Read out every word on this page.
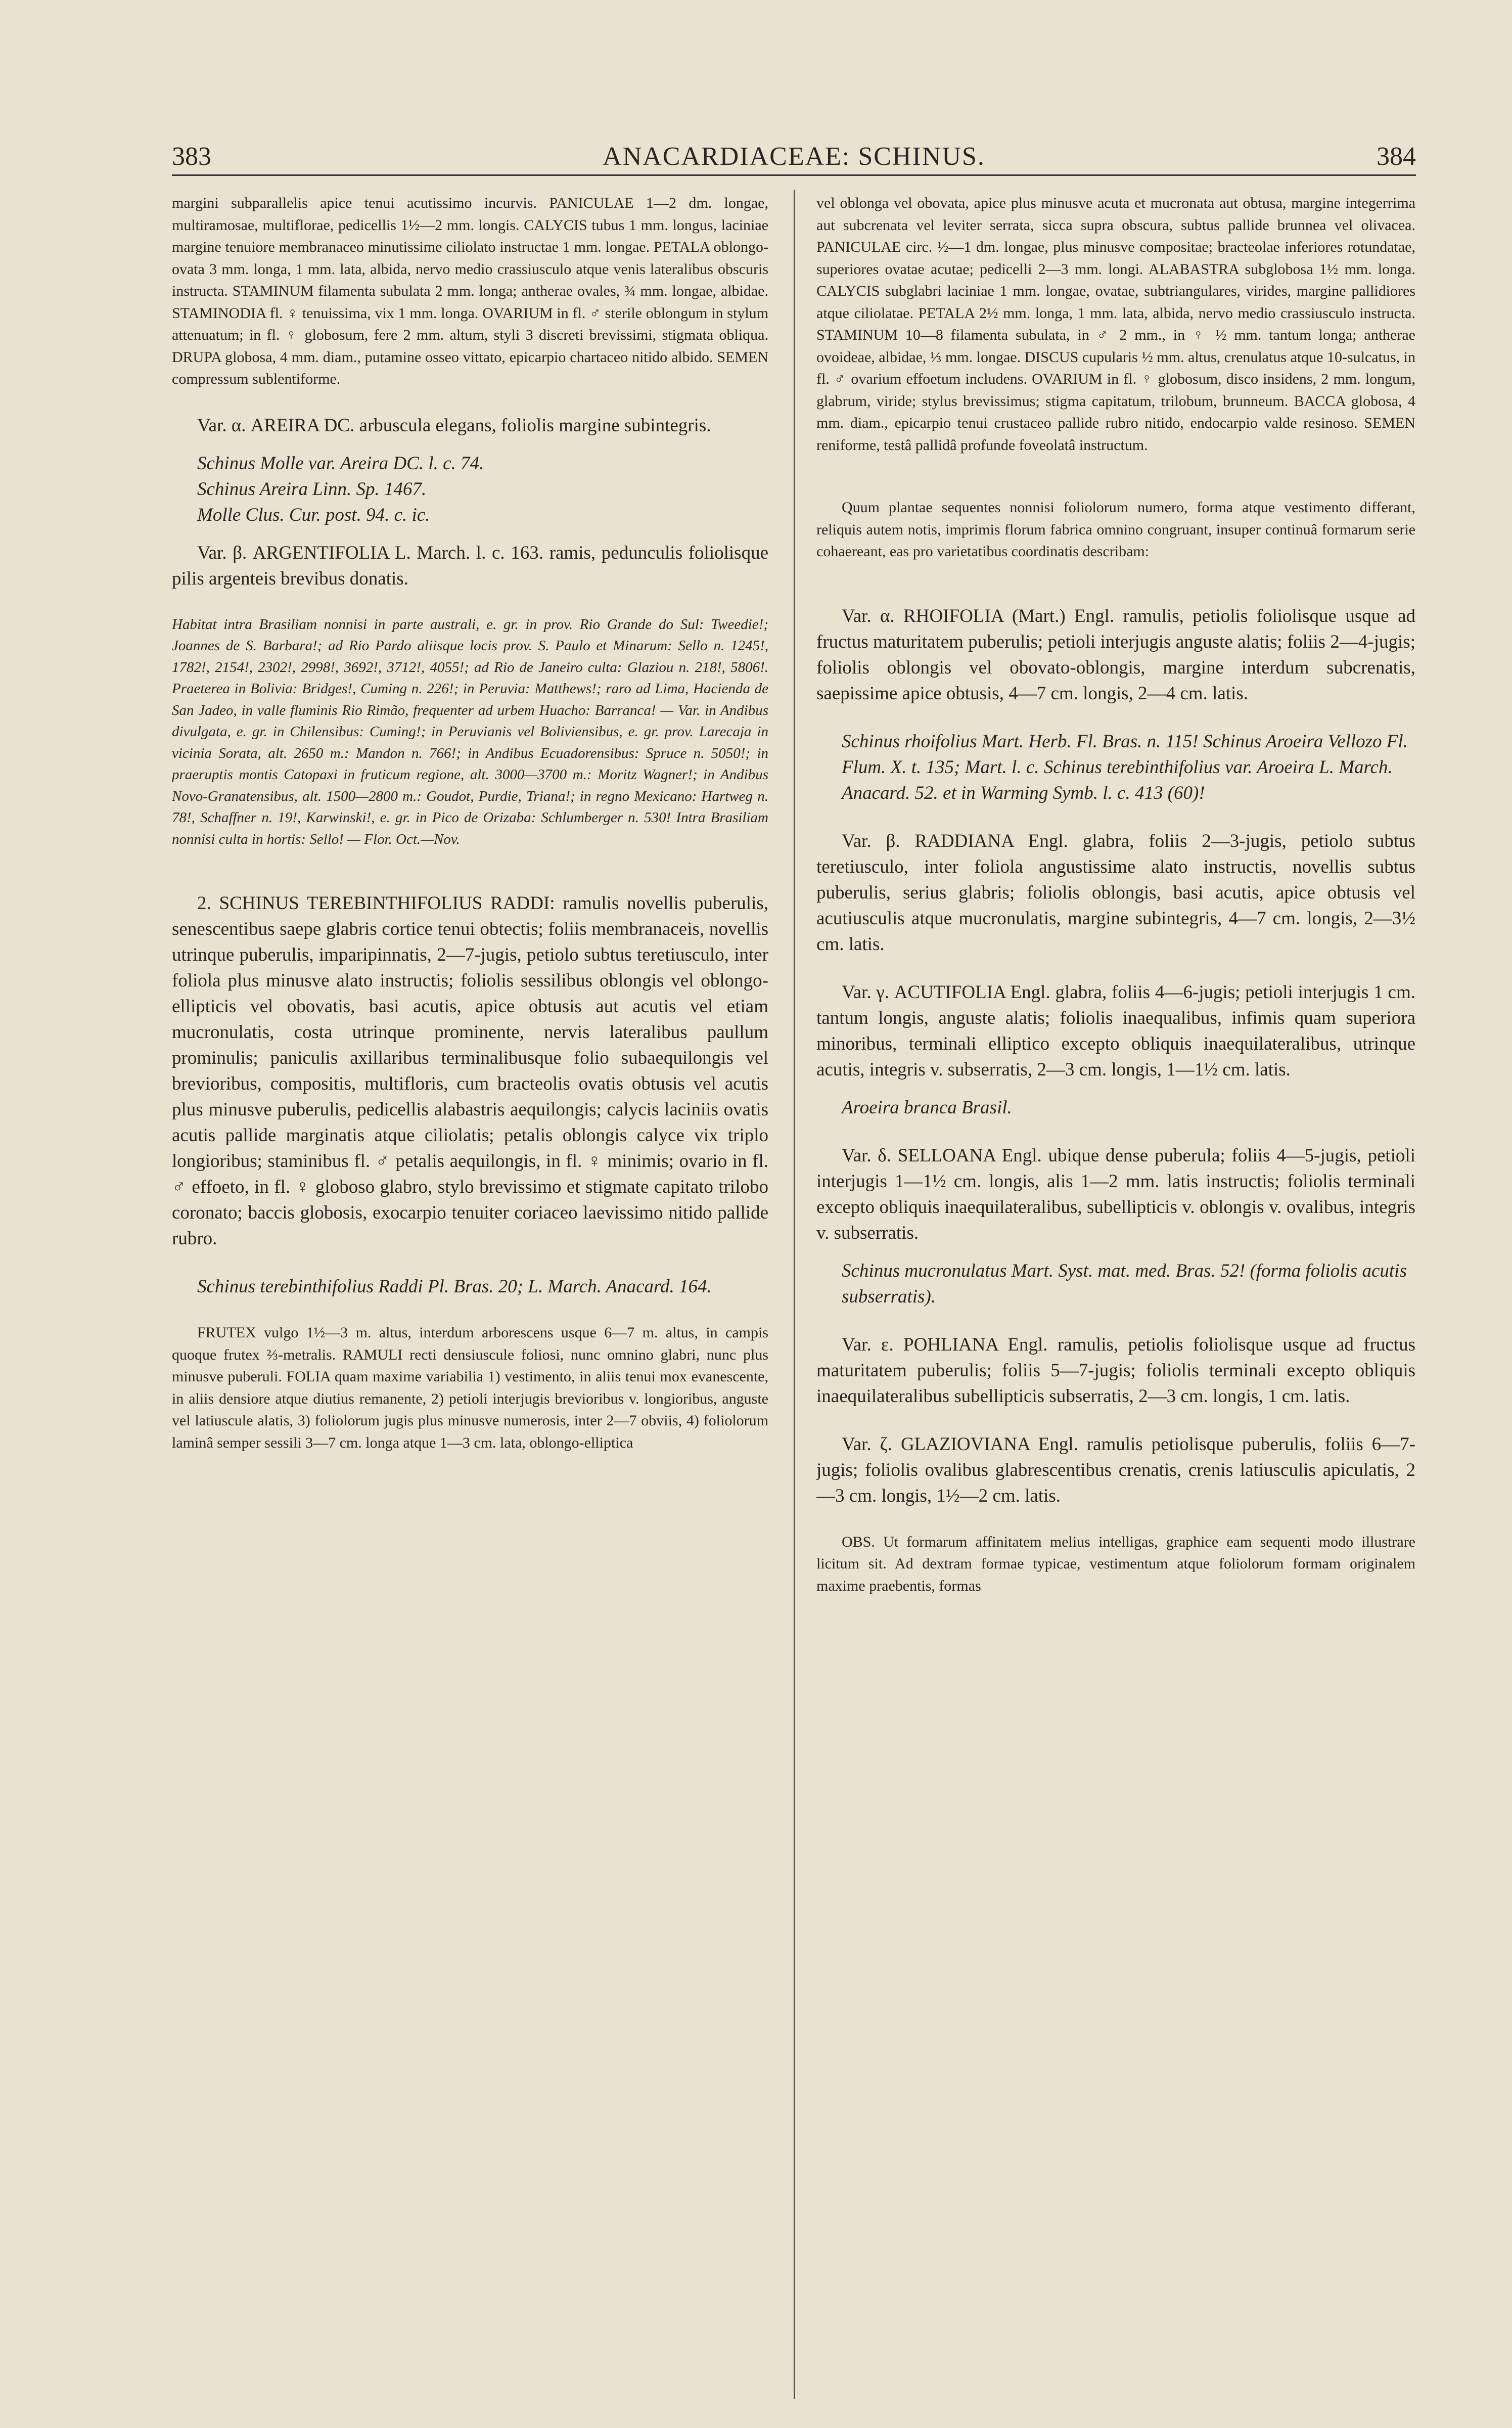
383	ANACARDIACEAE: SCHINUS.	384

margini subparallelis apice tenui acutissimo incurvis. PANICULAE 1—2 dm. longae, multiramosae, multiflorae, pedicellis 1½—2 mm. longis. CALYCIS tubus 1 mm. longus, laciniae margine tenuiore membranaceo minutissime ciliolato instructae 1 mm. longae. PETALA oblongo-ovata 3 mm. longa, 1 mm. lata, albida, nervo medio crassiusculo atque venis lateralibus obscuris instructa. STAMINUM filamenta subulata 2 mm. longa; antherae ovales, ¾ mm. longae, albidae. STAMINODIA fl. ♀ tenuissima, vix 1 mm. longa. OVARIUM in fl. ♂ sterile oblongum in stylum attenuatum; in fl. ♀ globosum, fere 2 mm. altum, styli 3 discreti brevissimi, stigmata obliqua. DRUPA globosa, 4 mm. diam., putamine osseo vittato, epicarpio chartaceo nitido albido. SEMEN compressum sublentiforme.

Var. α. AREIRA DC. arbuscula elegans, foliolis margine subintegris.

Schinus Molle var. Areira DC. l. c. 74.

Schinus Areira Linn. Sp. 1467.

Molle Clus. Cur. post. 94. c. ic.

Var. β. ARGENTIFOLIA L. March. l. c. 163. ramis, pedunculis foliolisque pilis argenteis brevibus donatis.

Habitat intra Brasiliam nonnisi in parte australi, e. gr. in prov. Rio Grande do Sul: Tweedie!; Joannes de S. Barbara!; ad Rio Pardo aliisque locis prov. S. Paulo et Minarum: Sello n. 1245!, 1782!, 2154!, 2302!, 2998!, 3692!, 3712!, 4055!; ad Rio de Janeiro culta: Glaziou n. 218!, 5806!. Praeterea in Bolivia: Bridges!, Cuming n. 226!; in Peruvia: Matthews!; raro ad Lima, Hacienda de San Jadeo, in valle fluminis Rio Rimão, frequenter ad urbem Huacho: Barranca! — Var. in Andibus divulgata, e. gr. in Chilensibus: Cuming!; in Peruvianis vel Boliviensibus, e. gr. prov. Larecaja in vicinia Sorata, alt. 2650 m.: Mandon n. 766!; in Andibus Ecuadorensibus: Spruce n. 5050!; in praeruptis montis Catopaxi in fruticum regione, alt. 3000—3700 m.: Moritz Wagner!; in Andibus Novo-Granatensibus, alt. 1500—2800 m.: Goudot, Purdie, Triana!; in regno Mexicano: Hartweg n. 78!, Schaffner n. 19!, Karwinski!, e. gr. in Pico de Orizaba: Schlumberger n. 530! Intra Brasiliam nonnisi culta in hortis: Sello! — Flor. Oct.—Nov.

2. SCHINUS TEREBINTHIFOLIUS RADDI: ramulis novellis puberulis, senescentibus saepe glabris cortice tenui obtectis; foliis membranaceis, novellis utrinque puberulis, imparipinnatis, 2—7-jugis, petiolo subtus teretiusculo, inter foliola plus minusve alato instructis; foliolis sessilibus oblongis vel oblongo-ellipticis vel obovatis, basi acutis, apice obtusis aut acutis vel etiam mucronulatis, costa utrinque prominente, nervis lateralibus paullum prominulis; paniculis axillaribus terminalibusque folio subaequilongis vel brevioribus, compositis, multifloris, cum bracteolis ovatis obtusis vel acutis plus minusve puberulis, pedicellis alabastris aequilongis; calycis laciniis ovatis acutis pallide marginatis atque ciliolatis; petalis oblongis calyce vix triplo longioribus; staminibus fl. ♂ petalis aequilongis, in fl. ♀ minimis; ovario in fl. ♂ effoeto, in fl. ♀ globoso glabro, stylo brevissimo et stigmate capitato trilobo coronato; baccis globosis, exocarpio tenuiter coriaceo laevissimo nitido pallide rubro.

Schinus terebinthifolius Raddi Pl. Bras. 20; L. March. Anacard. 164.

FRUTEX vulgo 1½—3 m. altus, interdum arborescens usque 6—7 m. altus, in campis quoque frutex ⅔-metralis. RAMULI recti densiuscule foliosi, nunc omnino glabri, nunc plus minusve puberuli. FOLIA quam maxime variabilia 1) vestimento, in aliis tenui mox evanescente, in aliis densiore atque diutius remanente, 2) petioli interjugis brevioribus v. longioribus, anguste vel latiuscule alatis, 3) foliolorum jugis plus minusve numerosis, inter 2—7 obviis, 4) foliolorum laminâ semper sessili 3—7 cm. longa atque 1—3 cm. lata, oblongo-elliptica

vel oblonga vel obovata, apice plus minusve acuta et mucronata aut obtusa, margine integerrima aut subcrenata vel leviter serrata, sicca supra obscura, subtus pallide brunnea vel olivacea. PANICULAE circ. ½—1 dm. longae, plus minusve compositae; bracteolae inferiores rotundatae, superiores ovatae acutae; pedicelli 2—3 mm. longi. ALABASTRA subglobosa 1½ mm. longa. CALYCIS subglabri laciniae 1 mm. longae, ovatae, subtriangulares, virides, margine pallidiores atque ciliolatae. PETALA 2½ mm. longa, 1 mm. lata, albida, nervo medio crassiusculo instructa. STAMINUM 10—8 filamenta subulata, in ♂ 2 mm., in ♀ ½ mm. tantum longa; antherae ovoideae, albidae, ⅓ mm. longae. DISCUS cupularis ½ mm. altus, crenulatus atque 10-sulcatus, in fl. ♂ ovarium effoetum includens. OVARIUM in fl. ♀ globosum, disco insidens, 2 mm. longum, glabrum, viride; stylus brevissimus; stigma capitatum, trilobum, brunneum. BACCA globosa, 4 mm. diam., epicarpio tenui crustaceo pallide rubro nitido, endocarpio valde resinoso. SEMEN reniforme, testâ pallidâ profunde foveolatâ instructum.

Quum plantae sequentes nonnisi foliolorum numero, forma atque vestimento differant, reliquis autem notis, imprimis florum fabrica omnino congruant, insuper continuâ formarum serie cohaereant, eas pro varietatibus coordinatis describam:

Var. α. RHOIFOLIA (Mart.) Engl. ramulis, petiolis foliolisque usque ad fructus maturitatem puberulis; petioli interjugis anguste alatis; foliis 2—4-jugis; foliolis oblongis vel obovato-oblongis, margine interdum subcrenatis, saepissime apice obtusis, 4—7 cm. longis, 2—4 cm. latis.

Schinus rhoifolius Mart. Herb. Fl. Bras. n. 115! Schinus Aroeira Vellozo Fl. Flum. X. t. 135; Mart. l. c. Schinus terebinthifolius var. Aroeira L. March. Anacard. 52. et in Warming Symb. l. c. 413 (60)!

Var. β. RADDIANA Engl. glabra, foliis 2—3-jugis, petiolo subtus teretiusculo, inter foliola angustissime alato instructis, novellis subtus puberulis, serius glabris; foliolis oblongis, basi acutis, apice obtusis vel acutiusculis atque mucronulatis, margine subintegris, 4—7 cm. longis, 2—3½ cm. latis.

Var. γ. ACUTIFOLIA Engl. glabra, foliis 4—6-jugis; petioli interjugis 1 cm. tantum longis, anguste alatis; foliolis inaequalibus, infimis quam superiora minoribus, terminali elliptico excepto obliquis inaequilateralibus, utrinque acutis, integris v. subserratis, 2—3 cm. longis, 1—1½ cm. latis.

Aroeira branca Brasil.

Var. δ. SELLOANA Engl. ubique dense puberula; foliis 4—5-jugis, petioli interjugis 1—1½ cm. longis, alis 1—2 mm. latis instructis; foliolis terminali excepto obliquis inaequilateralibus, subellipticis v. oblongis v. ovalibus, integris v. subserratis.

Schinus mucronulatus Mart. Syst. mat. med. Bras. 52! (forma foliolis acutis subserratis).

Var. ε. POHLIANA Engl. ramulis, petiolis foliolisque usque ad fructus maturitatem puberulis; foliis 5—7-jugis; foliolis terminali excepto obliquis inaequilateralibus subellipticis subserratis, 2—3 cm. longis, 1 cm. latis.

Var. ζ. GLAZIOVIANA Engl. ramulis petiolisque puberulis, foliis 6—7-jugis; foliolis ovalibus glabrescentibus crenatis, crenis latiusculis apiculatis, 2—3 cm. longis, 1½—2 cm. latis.

OBS. Ut formarum affinitatem melius intelligas, graphice eam sequenti modo illustrare licitum sit. Ad dextram formae typicae, vestimentum atque foliolorum formam originalem maxime praebentis, formas
